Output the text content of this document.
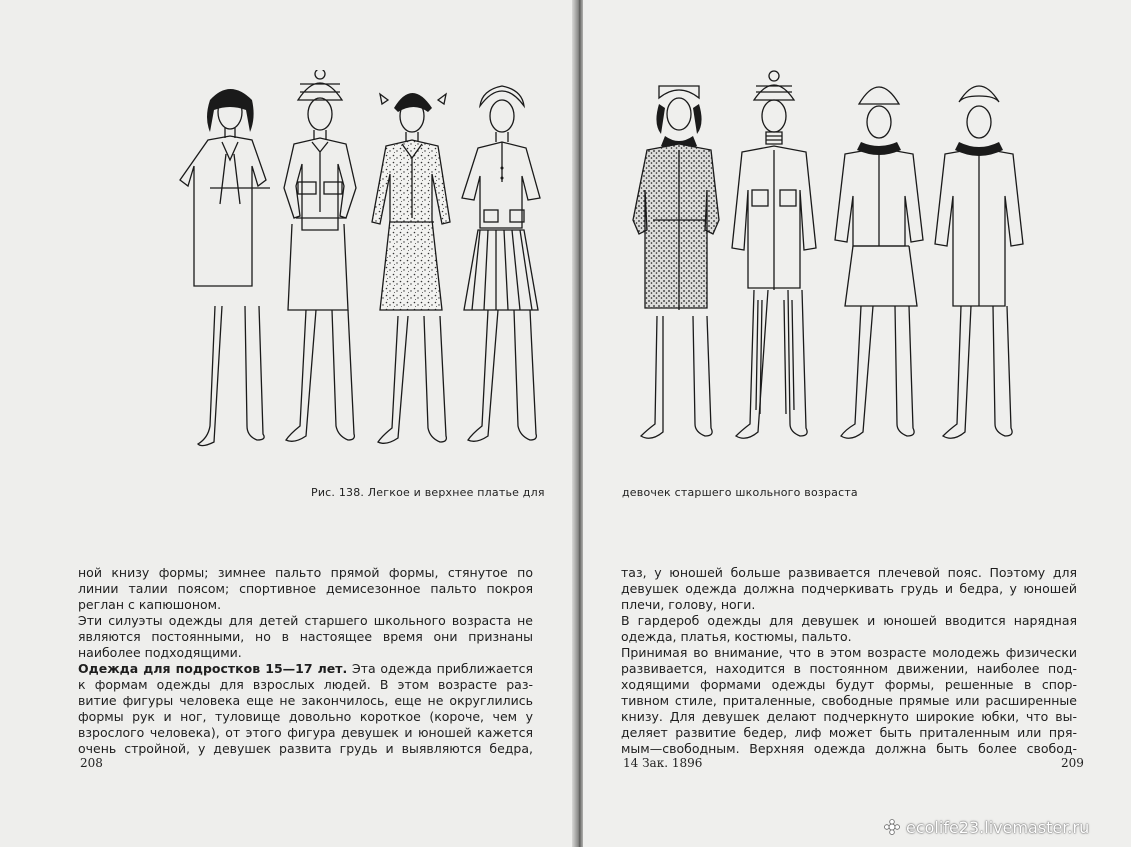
Рис. 138. Легкое и верхнее платье для

ной книзу формы; зимнее пальто прямой формы, стянутое по

линии талии поясом; спортивное демисезонное пальто покроя

реглан с капюшоном.

Эти силуэты одежды для детей старшего школьного возраста не

являются постоянными, но в настоящее время они признаны

наиболее подходящими.

Одежда для подростков 15—17 лет. Эта одежда приближается

к формам одежды для взрослых людей. В этом возрасте раз-

витие фигуры человека еще не закончилось, еще не округлились

формы рук и ног, туловище довольно короткое (короче, чем у

взрослого человека), от этого фигура девушек и юношей кажется

очень стройной, у девушек развита грудь и выявляются бедра,

208
девочек старшего школьного возраста

таз, у юношей больше развивается плечевой пояс. Поэтому для

девушек одежда должна подчеркивать грудь и бедра, у юношей

плечи, голову, ноги.

В гардероб одежды для девушек и юношей вводится нарядная

одежда, платья, костюмы, пальто.

Принимая во внимание, что в этом возрасте молодежь физически

развивается, находится в постоянном движении, наиболее под-

ходящими формами одежды будут формы, решенные в спор-

тивном стиле, приталенные, свободные прямые или расширенные

книзу. Для девушек делают подчеркнуто широкие юбки, что вы-

деляет развитие бедер, лиф может быть приталенным или пря-

мым—свободным. Верхняя одежда должна быть более свобод-

14 Зак. 1896	209
ecolife23.livemaster.ru
